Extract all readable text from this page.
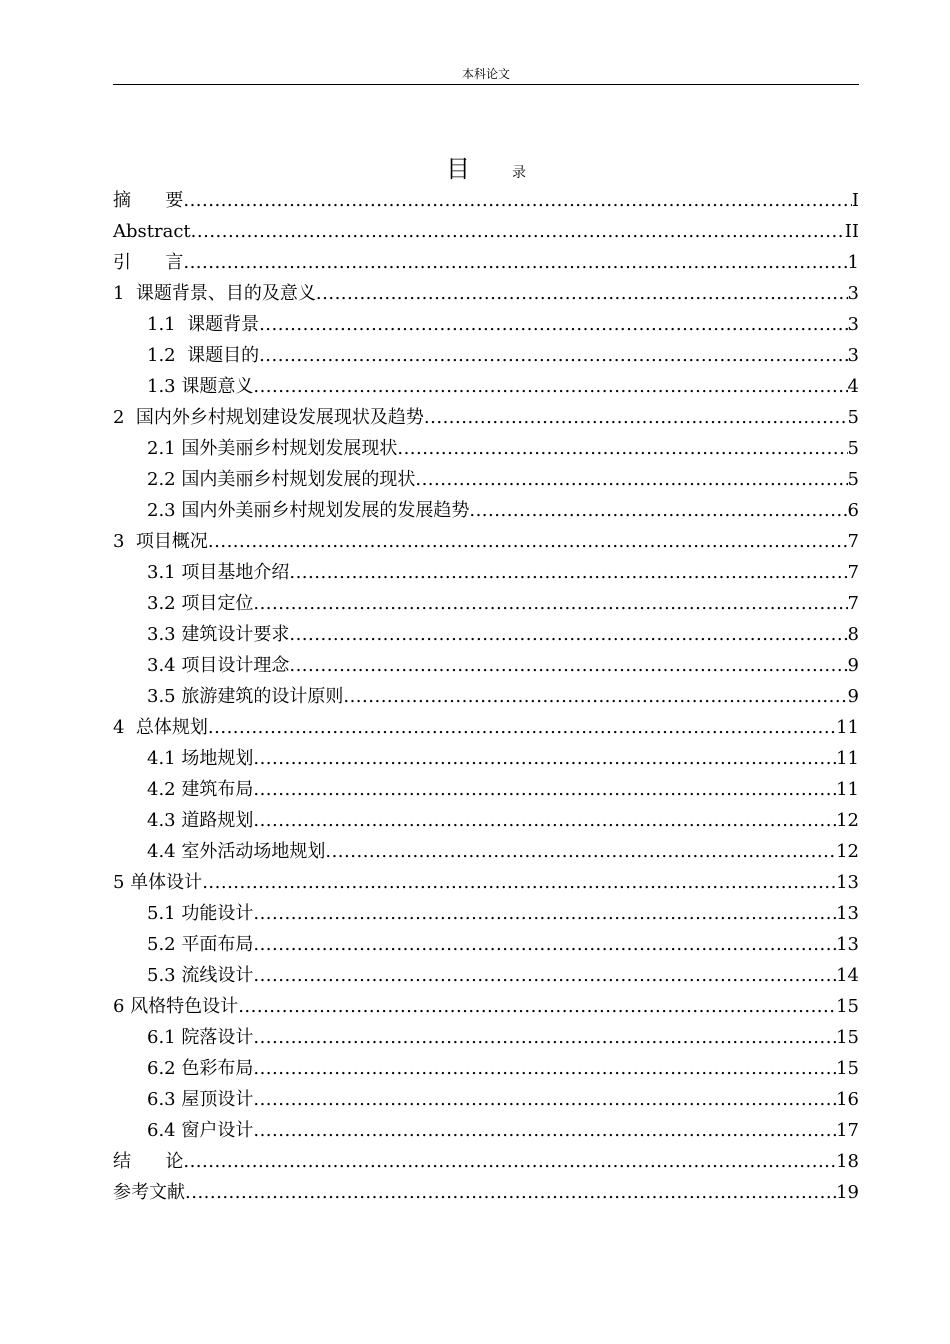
本科论文
目	录
摘      要 .....	I
Abstract .....	II
引      言 .....	1
1  课题背景、目的及意义 .....	3
1.1  课题背景 .....	3
1.2  课题目的 .....	3
1.3 课题意义 .....	4
2  国内外乡村规划建设发展现状及趋势 .....	5
2.1 国外美丽乡村规划发展现状 .....	5
2.2 国内美丽乡村规划发展的现状 .....	5
2.3 国内外美丽乡村规划发展的发展趋势 .....	6
3  项目概况 .....	7
3.1 项目基地介绍 .....	7
3.2 项目定位 .....	7
3.3 建筑设计要求 .....	8
3.4 项目设计理念 .....	9
3.5 旅游建筑的设计原则 .....	9
4  总体规划 .....	11
4.1 场地规划 .....	11
4.2 建筑布局 .....	11
4.3 道路规划 .....	12
4.4 室外活动场地规划 .....	12
5 单体设计 .....	13
5.1 功能设计 .....	13
5.2 平面布局 .....	13
5.3 流线设计 .....	14
6 风格特色设计 .....	15
6.1 院落设计 .....	15
6.2 色彩布局 .....	15
6.3 屋顶设计 .....	16
6.4 窗户设计 .....	17
结      论 .....	18
参考文献 .....	19
